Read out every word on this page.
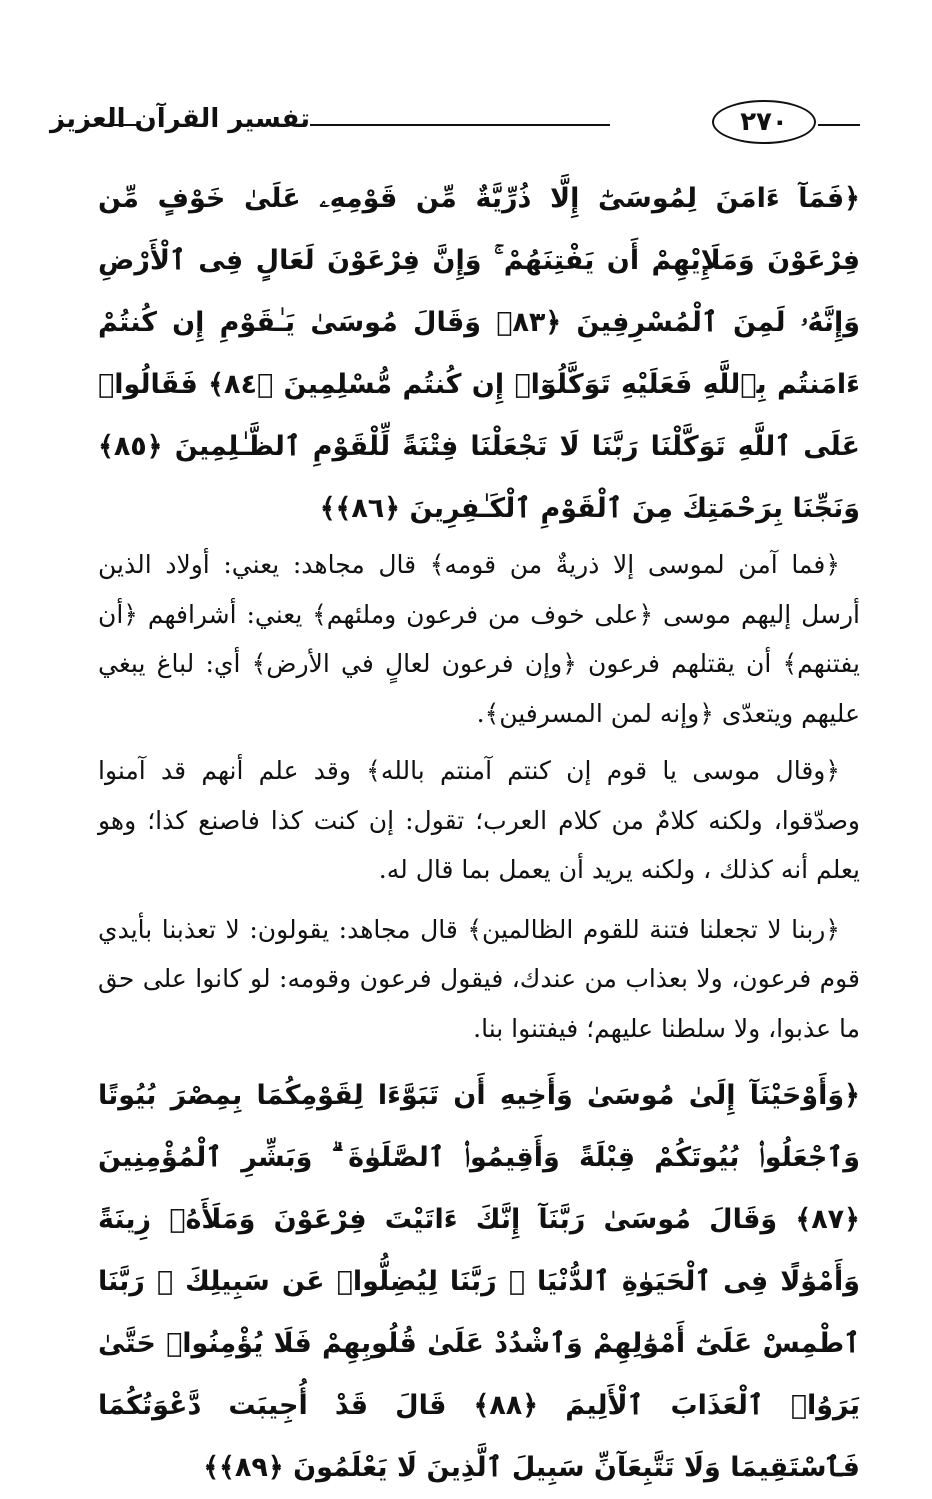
تفسير القرآن العزيز	٢٧٠

﴿فَمَآ ءَامَنَ لِمُوسَىٰٓ إِلَّا ذُرِّيَّةٌ مِّن قَوْمِهِۦ عَلَىٰ خَوْفٍ مِّن فِرْعَوْنَ وَمَلَإِيْهِمْ أَن يَفْتِنَهُمْ ۚ وَإِنَّ فِرْعَوْنَ لَعَالٍ فِى ٱلْأَرْضِ وَإِنَّهُۥ لَمِنَ ٱلْمُسْرِفِينَ ﴿٨٣﴾ وَقَالَ مُوسَىٰ يَـٰقَوْمِ إِن كُنتُمْ ءَامَنتُم بِٱللَّهِ فَعَلَيْهِ تَوَكَّلُوٓا۟ إِن كُنتُم مُّسْلِمِينَ ﴿٨٤﴾ فَقَالُوا۟ عَلَى ٱللَّهِ تَوَكَّلْنَا رَبَّنَا لَا تَجْعَلْنَا فِتْنَةً لِّلْقَوْمِ ٱلظَّـٰلِمِينَ ﴿٨٥﴾ وَنَجِّنَا بِرَحْمَتِكَ مِنَ ٱلْقَوْمِ ٱلْكَـٰفِرِينَ ﴿٨٦﴾﴾

﴿فما آمن لموسى إلا ذريةٌ من قومه﴾ قال مجاهد: يعني: أولاد الذين أرسل إليهم موسى ﴿على خوف من فرعون وملئهم﴾ يعني: أشرافهم ﴿أن يفتنهم﴾ أن يقتلهم فرعون ﴿وإن فرعون لعالٍ في الأرض﴾ أي: لباغ يبغي عليهم ويتعدّى ﴿وإنه لمن المسرفين﴾.

﴿وقال موسى يا قوم إن كنتم آمنتم بالله﴾ وقد علم أنهم قد آمنوا وصدّقوا، ولكنه كلامٌ من كلام العرب؛ تقول: إن كنت كذا فاصنع كذا؛ وهو يعلم أنه كذلك ، ولكنه يريد أن يعمل بما قال له.

﴿ربنا لا تجعلنا فتنة للقوم الظالمين﴾ قال مجاهد: يقولون: لا تعذبنا بأيدي قوم فرعون، ولا بعذاب من عندك، فيقول فرعون وقومه: لو كانوا على حق ما عذبوا، ولا سلطنا عليهم؛ فيفتنوا بنا.

﴿وَأَوْحَيْنَآ إِلَىٰ مُوسَىٰ وَأَخِيهِ أَن تَبَوَّءَا لِقَوْمِكُمَا بِمِصْرَ بُيُوتًا وَٱجْعَلُوا۟ بُيُوتَكُمْ قِبْلَةً وَأَقِيمُوا۟ ٱلصَّلَوٰةَ ۗ وَبَشِّرِ ٱلْمُؤْمِنِينَ ﴿٨٧﴾ وَقَالَ مُوسَىٰ رَبَّنَآ إِنَّكَ ءَاتَيْتَ فِرْعَوْنَ وَمَلَأَهُۥ زِينَةً وَأَمْوَٰلًا فِى ٱلْحَيَوٰةِ ٱلدُّنْيَا ۖ رَبَّنَا لِيُضِلُّوا۟ عَن سَبِيلِكَ ۖ رَبَّنَا ٱطْمِسْ عَلَىٰٓ أَمْوَٰلِهِمْ وَٱشْدُدْ عَلَىٰ قُلُوبِهِمْ فَلَا يُؤْمِنُوا۟ حَتَّىٰ يَرَوُا۟ ٱلْعَذَابَ ٱلْأَلِيمَ ﴿٨٨﴾ قَالَ قَدْ أُجِيبَت دَّعْوَتُكُمَا فَٱسْتَقِيمَا وَلَا تَتَّبِعَآنِّ سَبِيلَ ٱلَّذِينَ لَا يَعْلَمُونَ ﴿٨٩﴾﴾
